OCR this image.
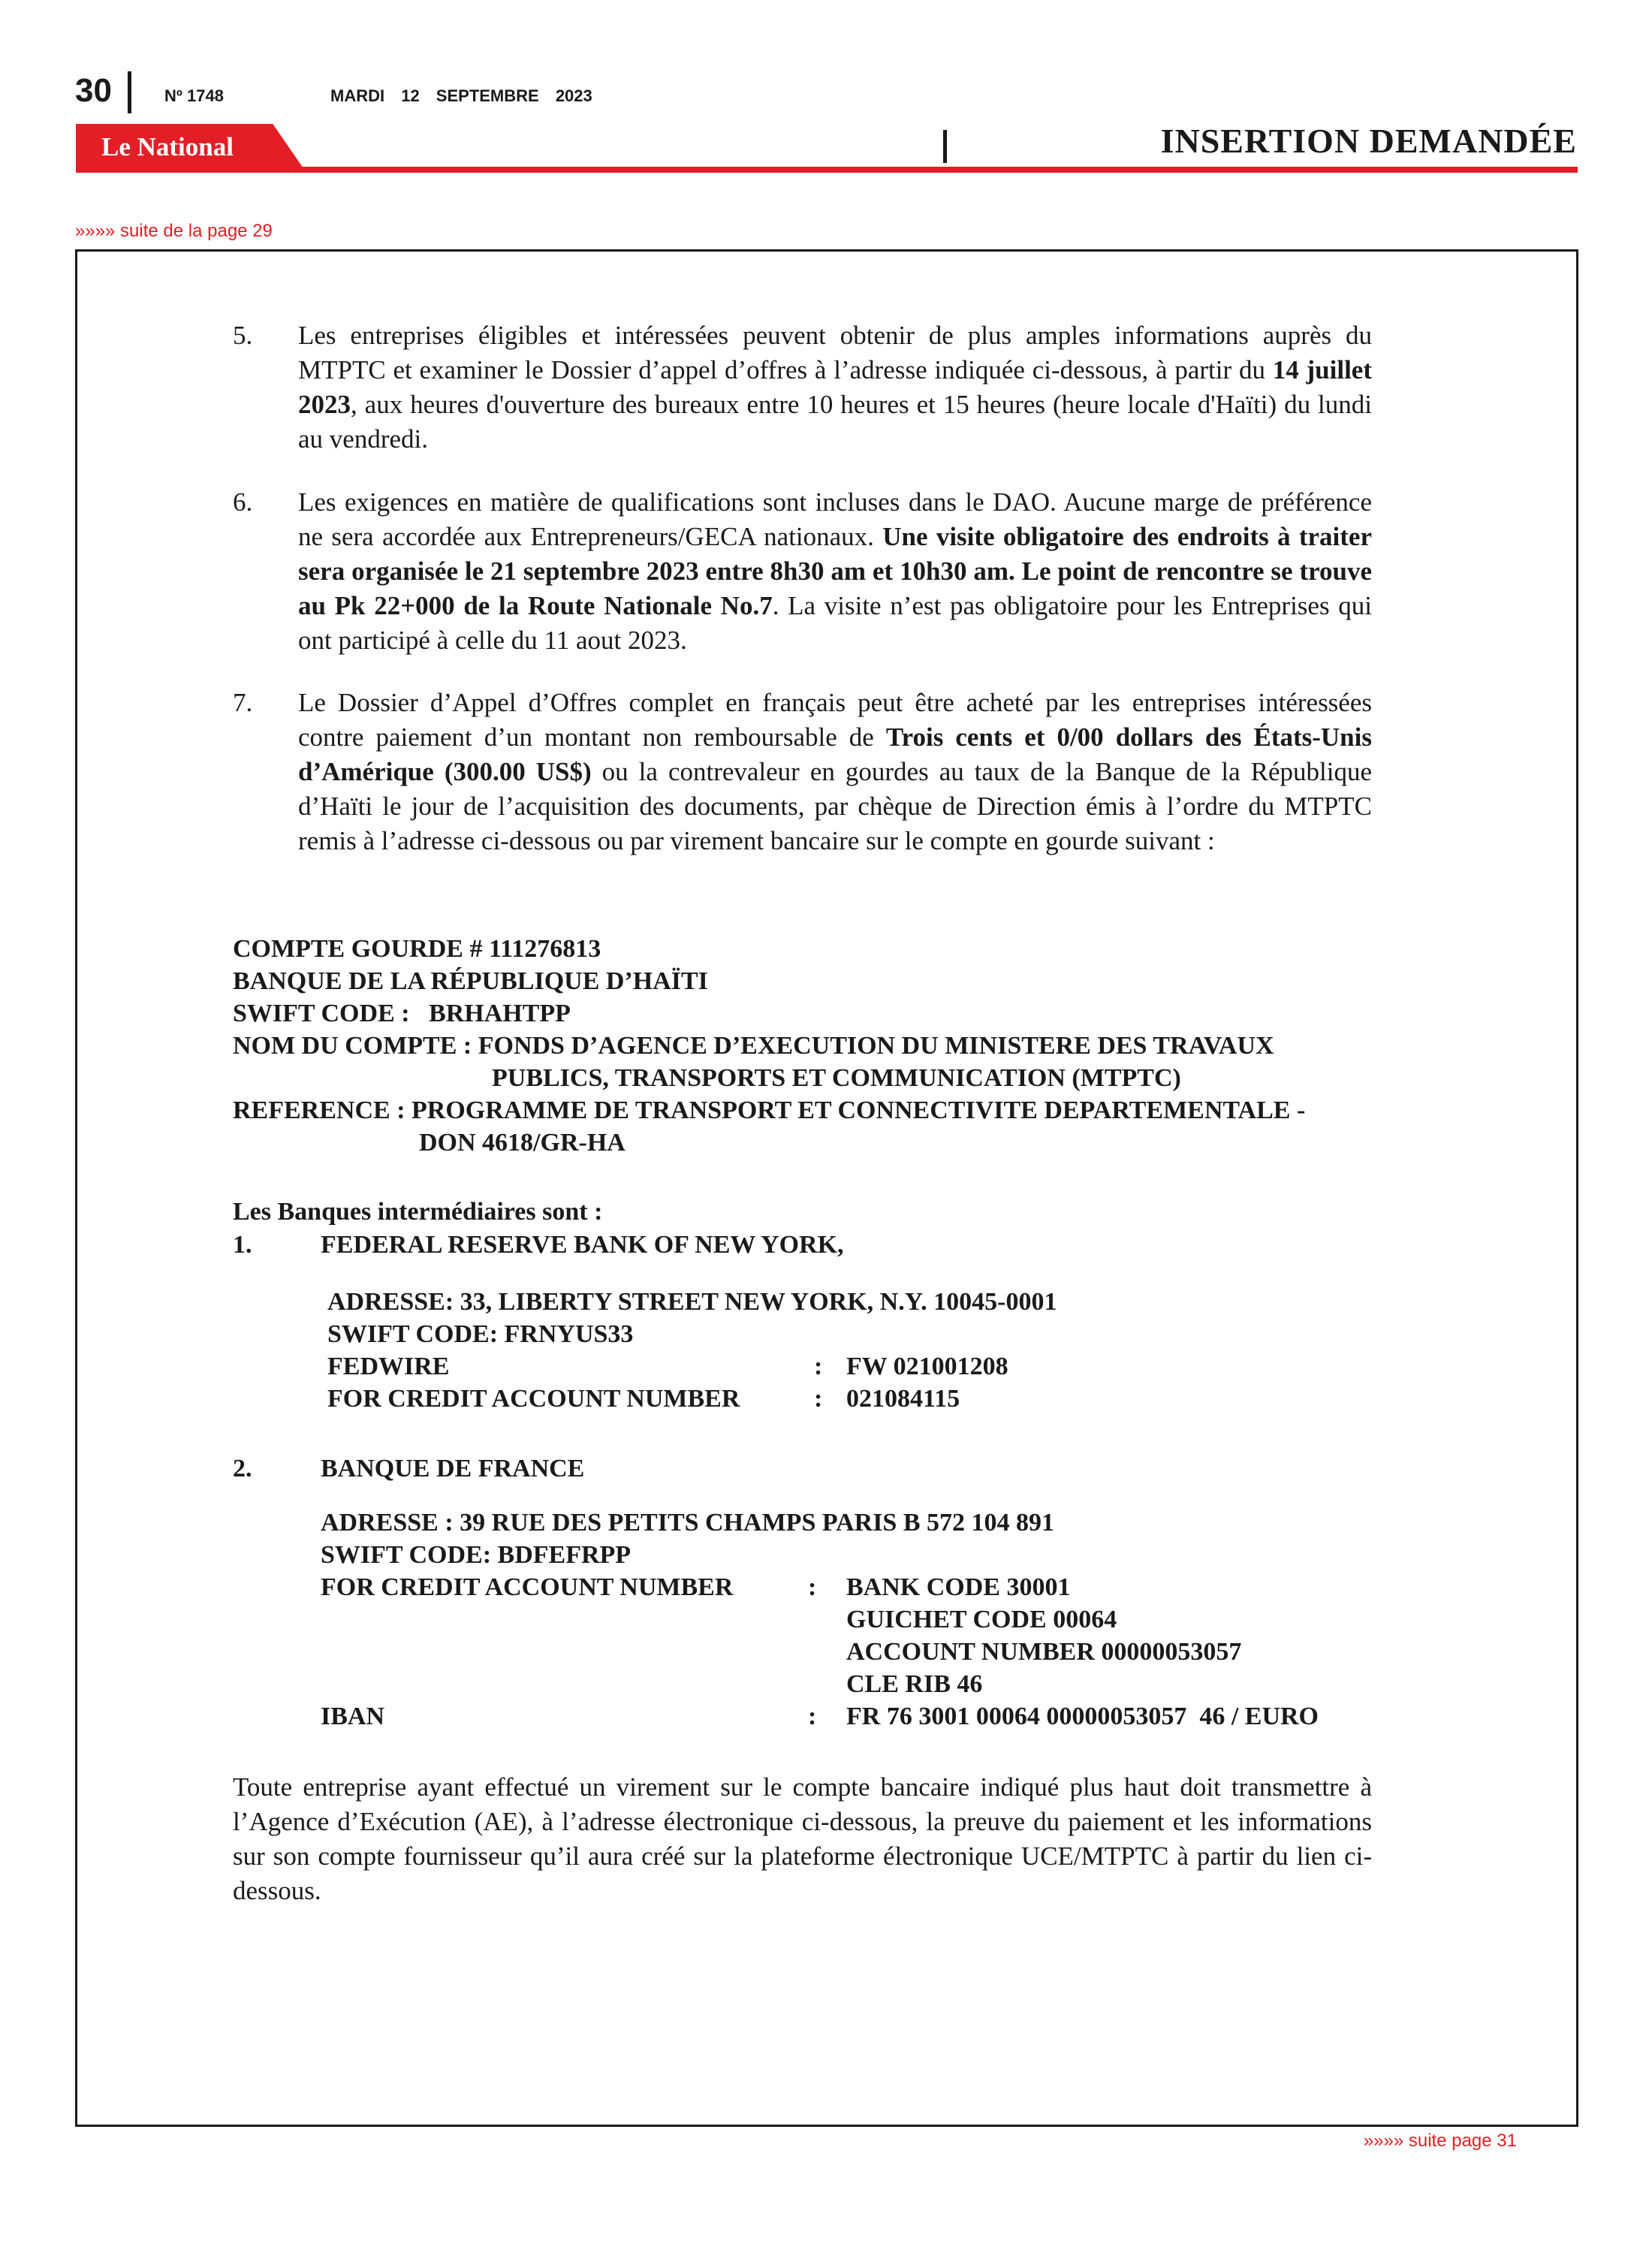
30	Nº 1748	MARDI 12 SEPTEMBRE 2023
Le National	INSERTION DEMANDÉE
»»»» suite de la page 29
5. Les entreprises éligibles et intéressées peuvent obtenir de plus amples informations auprès du MTPTC et examiner le Dossier d’appel d’offres à l’adresse indiquée ci-dessous, à partir du 14 juillet 2023, aux heures d'ouverture des bureaux entre 10 heures et 15 heures (heure locale d'Haïti) du lundi au vendredi.
6. Les exigences en matière de qualifications sont incluses dans le DAO. Aucune marge de préférence ne sera accordée aux Entrepreneurs/GECA nationaux. Une visite obligatoire des endroits à traiter sera organisée le 21 septembre 2023 entre 8h30 am et 10h30 am. Le point de rencontre se trouve au Pk 22+000 de la Route Nationale No.7. La visite n’est pas obligatoire pour les Entreprises qui ont participé à celle du 11 aout 2023.
7. Le Dossier d’Appel d’Offres complet en français peut être acheté par les entreprises intéressées contre paiement d’un montant non remboursable de Trois cents et 0/00 dollars des États-Unis d’Amérique (300.00 US$) ou la contrevaleur en gourdes au taux de la Banque de la République d’Haïti le jour de l’acquisition des documents, par chèque de Direction émis à l’ordre du MTPTC remis à l’adresse ci-dessous ou par virement bancaire sur le compte en gourde suivant :
COMPTE GOURDE # 111276813
BANQUE DE LA RÉPUBLIQUE D’HAÏTI
SWIFT CODE :   BRHAHTPP
NOM DU COMPTE : FONDS D’AGENCE D’EXECUTION DU MINISTERE DES TRAVAUX
PUBLICS, TRANSPORTS ET COMMUNICATION (MTPTC)
REFERENCE : PROGRAMME DE TRANSPORT ET CONNECTIVITE DEPARTEMENTALE -
DON 4618/GR-HA
Les Banques intermédiaires sont :
1.	FEDERAL RESERVE BANK OF NEW YORK,
ADRESSE: 33, LIBERTY STREET NEW YORK, N.Y. 10045-0001
SWIFT CODE: FRNYUS33
FEDWIRE	: FW 021001208
FOR CREDIT ACCOUNT NUMBER	: 021084115
2.	BANQUE DE FRANCE
ADRESSE : 39 RUE DES PETITS CHAMPS PARIS B 572 104 891
SWIFT CODE: BDFEFRPP
FOR CREDIT ACCOUNT NUMBER	: BANK CODE 30001
GUICHET CODE 00064
ACCOUNT NUMBER 00000053057
CLE RIB 46
IBAN	: FR 76 3001 00064 00000053057  46 / EURO
Toute entreprise ayant effectué un virement sur le compte bancaire indiqué plus haut doit transmettre à l’Agence d’Exécution (AE), à l’adresse électronique ci-dessous, la preuve du paiement et les informations sur son compte fournisseur qu’il aura créé sur la plateforme électronique UCE/MTPTC à partir du lien ci-dessous.
»»»» suite page 31
